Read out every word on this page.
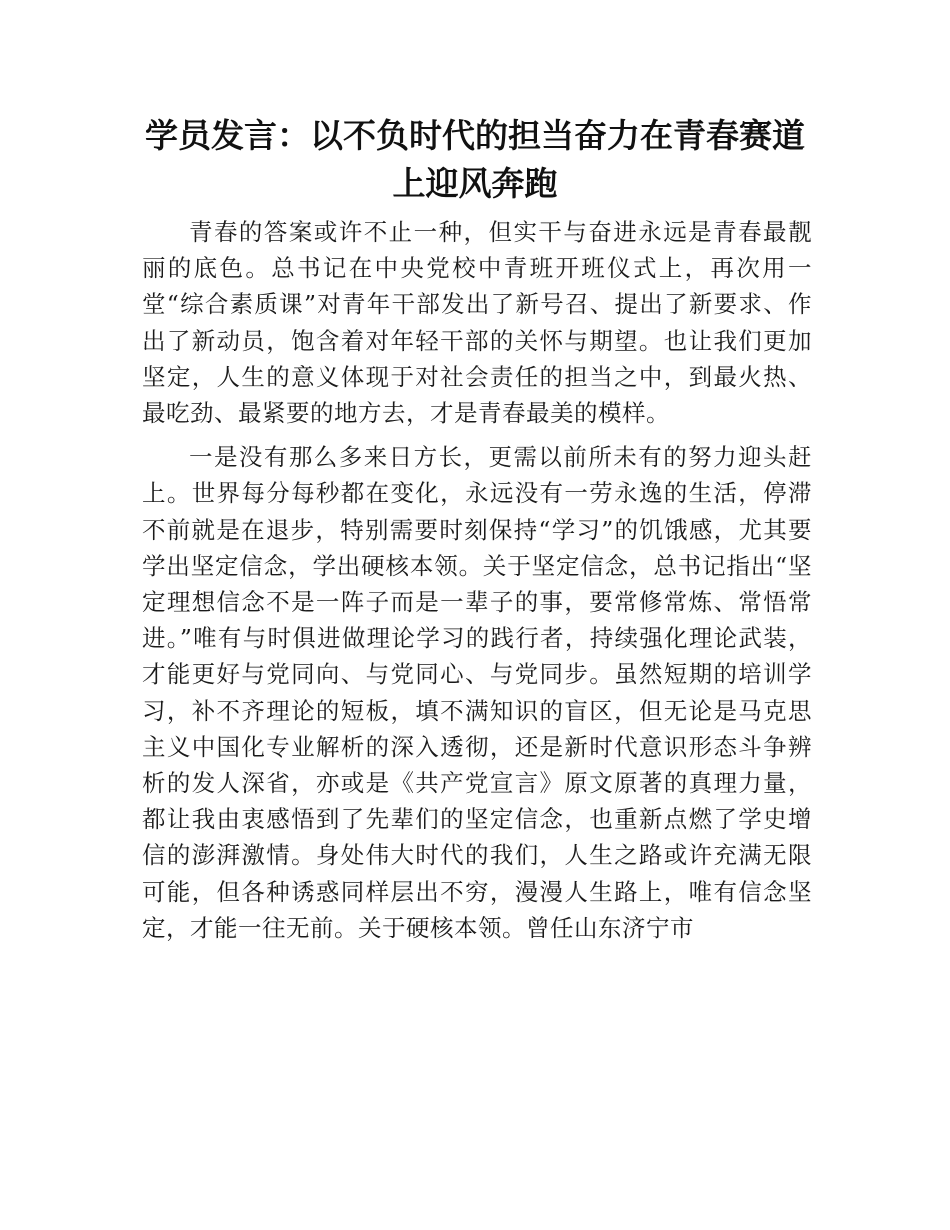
学员发言：以不负时代的担当奋力在青春赛道上迎风奔跑

青春的答案或许不止一种，但实干与奋进永远是青春最靓丽的底色。总书记在中央党校中青班开班仪式上，再次用一堂“综合素质课”对青年干部发出了新号召、提出了新要求、作出了新动员，饱含着对年轻干部的关怀与期望。也让我们更加坚定，人生的意义体现于对社会责任的担当之中，到最火热、最吃劲、最紧要的地方去，才是青春最美的模样。

一是没有那么多来日方长，更需以前所未有的努力迎头赶上。世界每分每秒都在变化，永远没有一劳永逸的生活，停滞不前就是在退步，特别需要时刻保持“学习”的饥饿感，尤其要学出坚定信念，学出硬核本领。关于坚定信念，总书记指出“坚定理想信念不是一阵子而是一辈子的事，要常修常炼、常悟常进。”唯有与时俱进做理论学习的践行者，持续强化理论武装，才能更好与党同向、与党同心、与党同步。虽然短期的培训学习，补不齐理论的短板，填不满知识的盲区，但无论是马克思主义中国化专业解析的深入透彻，还是新时代意识形态斗争辨析的发人深省，亦或是《共产党宣言》原文原著的真理力量，都让我由衷感悟到了先辈们的坚定信念，也重新点燃了学史增信的澎湃激情。身处伟大时代的我们，人生之路或许充满无限可能，但各种诱惑同样层出不穷，漫漫人生路上，唯有信念坚定，才能一往无前。关于硬核本领。曾任山东济宁市
